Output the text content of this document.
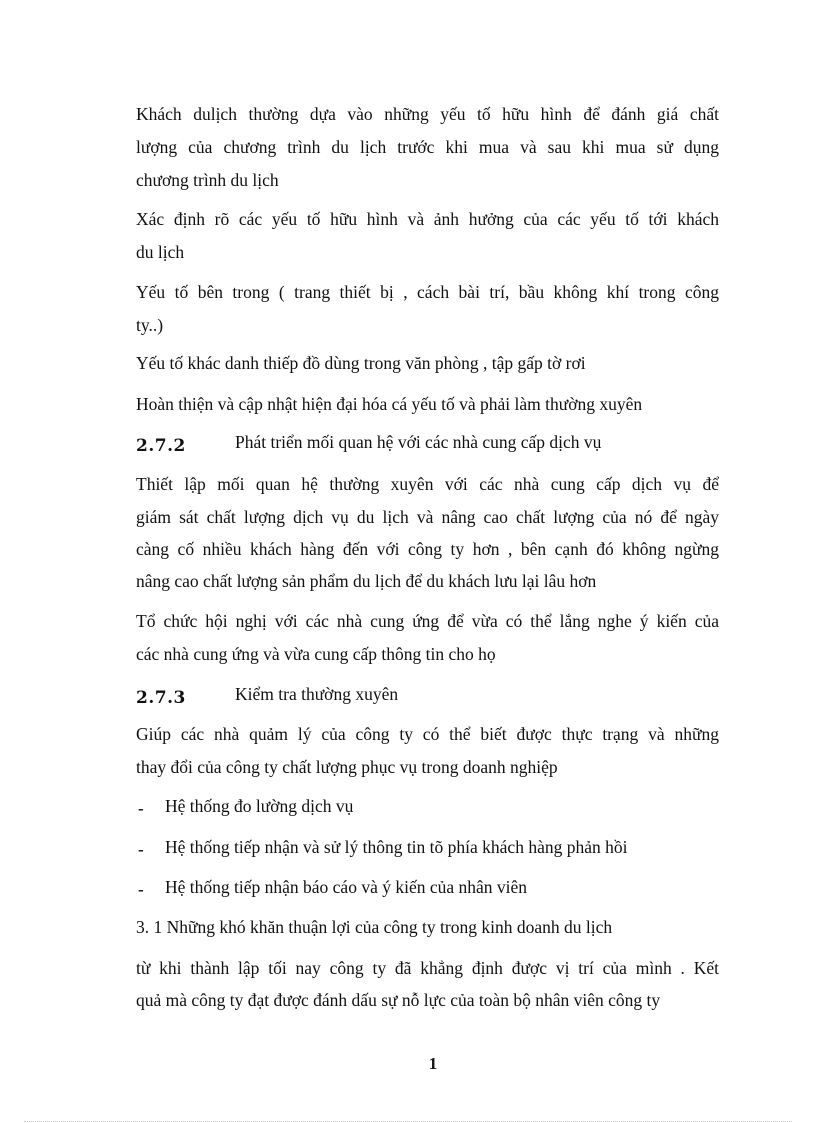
Khách dulịch thường dựa vào những yếu tố hữu hình để đánh giá chất
lượng của chương trình du lịch trước khi mua và sau khi mua sử dụng
chương trình du lịch
Xác định rõ các yếu tố hữu hình và ảnh hưởng của các yếu tố tới khách
du lịch
Yếu tố bên trong ( trang thiết bị , cách bài trí, bầu không khí trong công
ty..)
Yếu tố khác danh thiếp đồ dùng trong văn phòng , tập gấp tờ rơi
Hoàn thiện và cập nhật hiện đại hóa cá yếu tố và phải làm thường xuyên
2.7.2	Phát triển mối quan hệ với các nhà cung cấp dịch vụ
Thiết lập mối quan hệ thường xuyên với các nhà cung cấp dịch vụ để
giám sát chất lượng dịch vụ du lịch và nâng cao chất lượng của nó để ngày
càng cố nhiều khách hàng đến với công ty hơn , bên cạnh đó không ngừng
nâng cao chất lượng sản phẩm du lịch để du khách lưu lại lâu hơn
Tổ chức hội nghị với các nhà cung ứng để vừa có thể lắng nghe ý kiến của
các nhà cung ứng và vừa cung cấp thông tin cho họ
2.7.3	Kiểm tra thường xuyên
Giúp các nhà quảm lý của công ty có thể biết được thực trạng và những
thay đổi của công ty chất lượng phục vụ trong doanh nghiệp
- Hệ thống đo lường dịch vụ
- Hệ thống tiếp nhận và sử lý thông tin tõ phía khách hàng phản hồi
- Hệ thống tiếp nhận báo cáo và ý kiến của nhân viên
3. 1 Những khó khăn thuận lợi của công ty trong kinh doanh du lịch
từ khi thành lập tối nay công ty đã khẳng định được vị trí của mình . Kết
quả mà công ty đạt được đánh dấu sự nỗ lực của toàn bộ nhân viên công ty
1
